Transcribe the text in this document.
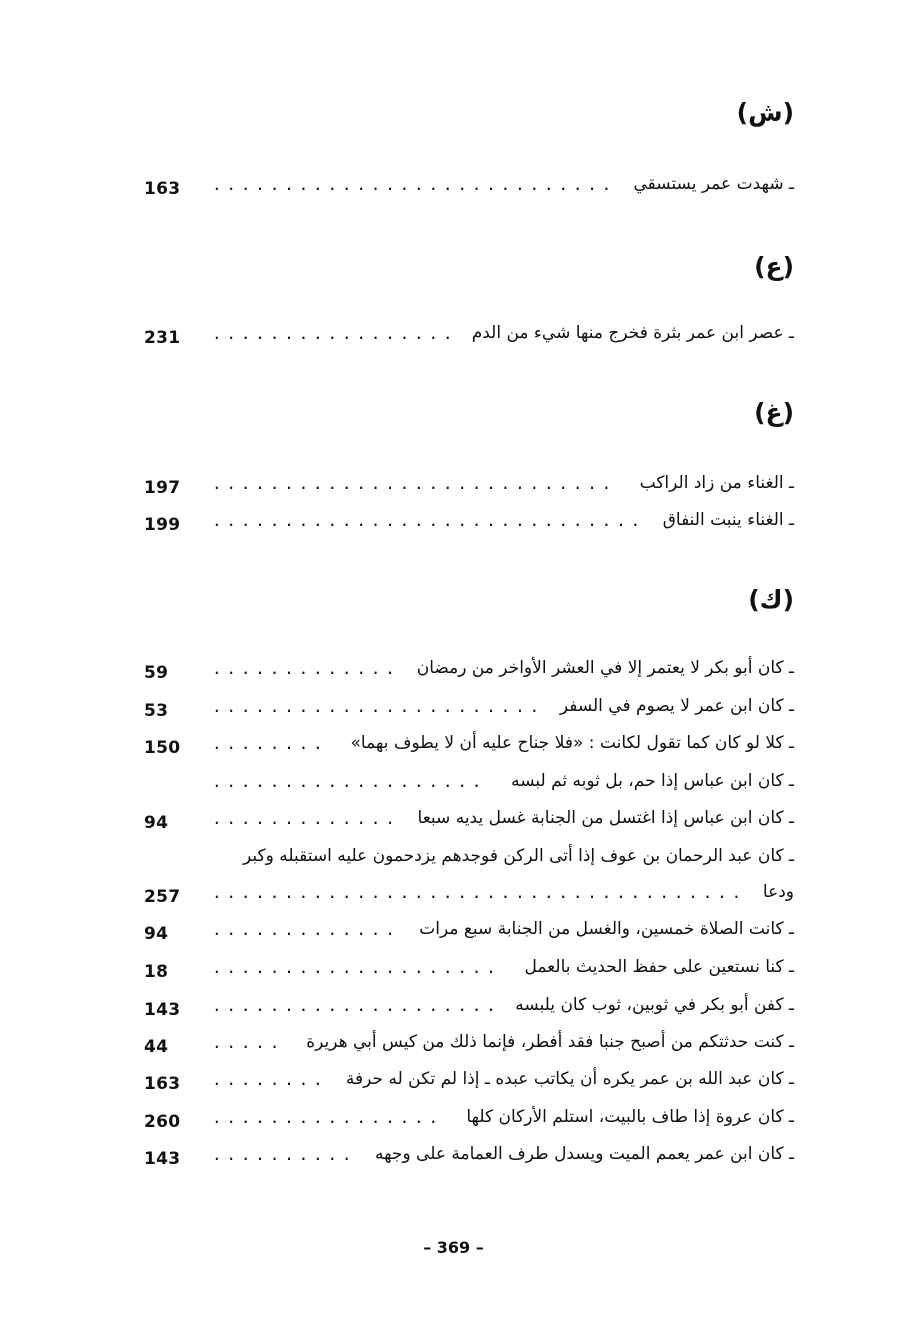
(ش)
163 ............................ ـ شهدت عمر يستسقي
(ع)
231 ................. ـ عصر ابن عمر بثرة فخرج منها شيء من الدم
(غ)
197 ............................	ـ الغناء من زاد الراكب
199 .............................. ـ الغناء ينبت النفاق
(ك)
59	............. ـ كان أبو بكر لا يعتمر إلا في العشر الأواخر من رمضان
53	....................... ـ كان ابن عمر لا يصوم في السفر
150 ........	ـ كلا لو كان كما تقول لكانت : «فلا جناح عليه أن لا يطوف بهما»
...................	ـ كان ابن عباس إذا حم، بل ثوبه ثم لبسه
94	............. ـ كان ابن عباس إذا اغتسل من الجنابة غسل يديه سبعا
ـ كان عبد الرحمان بن عوف إذا أتى الركن فوجدهم يزدحمون عليه استقبله وكبر
257 ..................................... ودعا
94	.............	ـ كانت الصلاة خمسين، والغسل من الجنابة سبع مرات
18	....................	ـ كنا نستعين على حفظ الحديث بالعمل
143 .................... ـ كفن أبو بكر في ثوبين، ثوب كان يلبسه
44	.....	ـ كنت حدثتكم من أصبح جنبا فقد أفطر، فإنما ذلك من كيس أبي هريرة
163 ........ ـ كان عبد الله بن عمر يكره أن يكاتب عبده ـ إذا لم تكن له حرفة
260 ................	ـ كان عروة إذا طاف بالبيت، استلم الأركان كلها
143 .......... ـ كان ابن عمر يعمم الميت ويسدل طرف العمامة على وجهه
– 369 –
